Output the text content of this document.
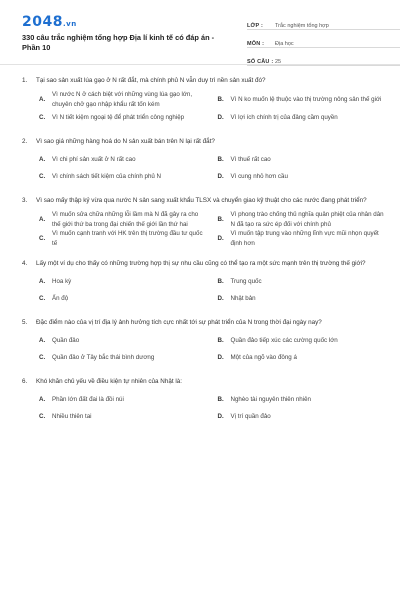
2048.vn
330 câu trắc nghiệm tổng hợp Địa lí kinh tế có đáp án - Phần 10
LỚP :	Trắc nghiệm tổng hợp
MÔN :	Địa học
SỐ CÂU : 25
1.	Tại sao sản xuất lúa gạo ở N rất đắt, mà chính phủ N vẫn duy trì nền sản xuất đó?
A.
Vì nước N ở cách biệt với những vùng lúa gạo lớn, chuyên chở gạo nhập khẩu rất tốn kém
B.	Vì N ko muốn lệ thuộc vào thị trường nông sản thế giới
C.	Vì N tiết kiệm ngoại tệ để phát triển công nghiệp	D.	Vì lợi ích chính trị của đảng cầm quyền
2.	Vì sao giá những hàng hoá do N sản xuất bán trên N lại rất đắt?
A.	Vì chi phí sản xuất ở N rất cao	B.	Vì thuế rất cao
C.	Vì chính sách tiết kiệm của chính phủ N	D.	Vì cung nhỏ hơn cầu
3.	Vì sao mấy thập kỷ vừa qua nước N sản sang xuất khẩu TLSX và chuyển giao kỹ thuật cho các nước đang phát triển?
A.
Vì muốn sửa chữa những lỗi lầm mà N đã gây ra cho thế giới thứ ba trong đại chiến thế giới lần thứ hai
B.
Vì phong trào chống thủ nghĩa quân phiệt của nhân dân N đã tạo ra sức ép đối với chính phủ
C.
Vì muốn cạnh tranh với HK trên thị trường đầu tư quốc tế
D.
Vì muốn tập trung vào những lĩnh vực mũi nhọn quyết định hơn
4.	Lấy một ví dụ cho thấy có những trường hợp thị sự nhu cầu cũng có thể tạo ra một sức mạnh trên thị trường thế giới?
A.	Hoa kỳ	B.	Trung quốc
C.	Ấn độ	D.	Nhật bản
5.	Đặc điểm nào của vị trí địa lý ảnh hưởng tích cực nhất tới sự phát triển của N trong thời đại ngày nay?
A.	Quần đảo	B.	Quần đảo tiếp xúc các cường quốc lớn
C.	Quần đảo ở Tây bắc thái bình dương	D.	Một của ngõ vào đông á
6.	Khó khăn chủ yếu về điều kiện tự nhiên của Nhật là:
A.	Phần lớn đất đai là đồi núi	B.	Nghèo tài nguyên thiên nhiên
C.	Nhiều thiên tai	D.	Vị trí quần đảo
